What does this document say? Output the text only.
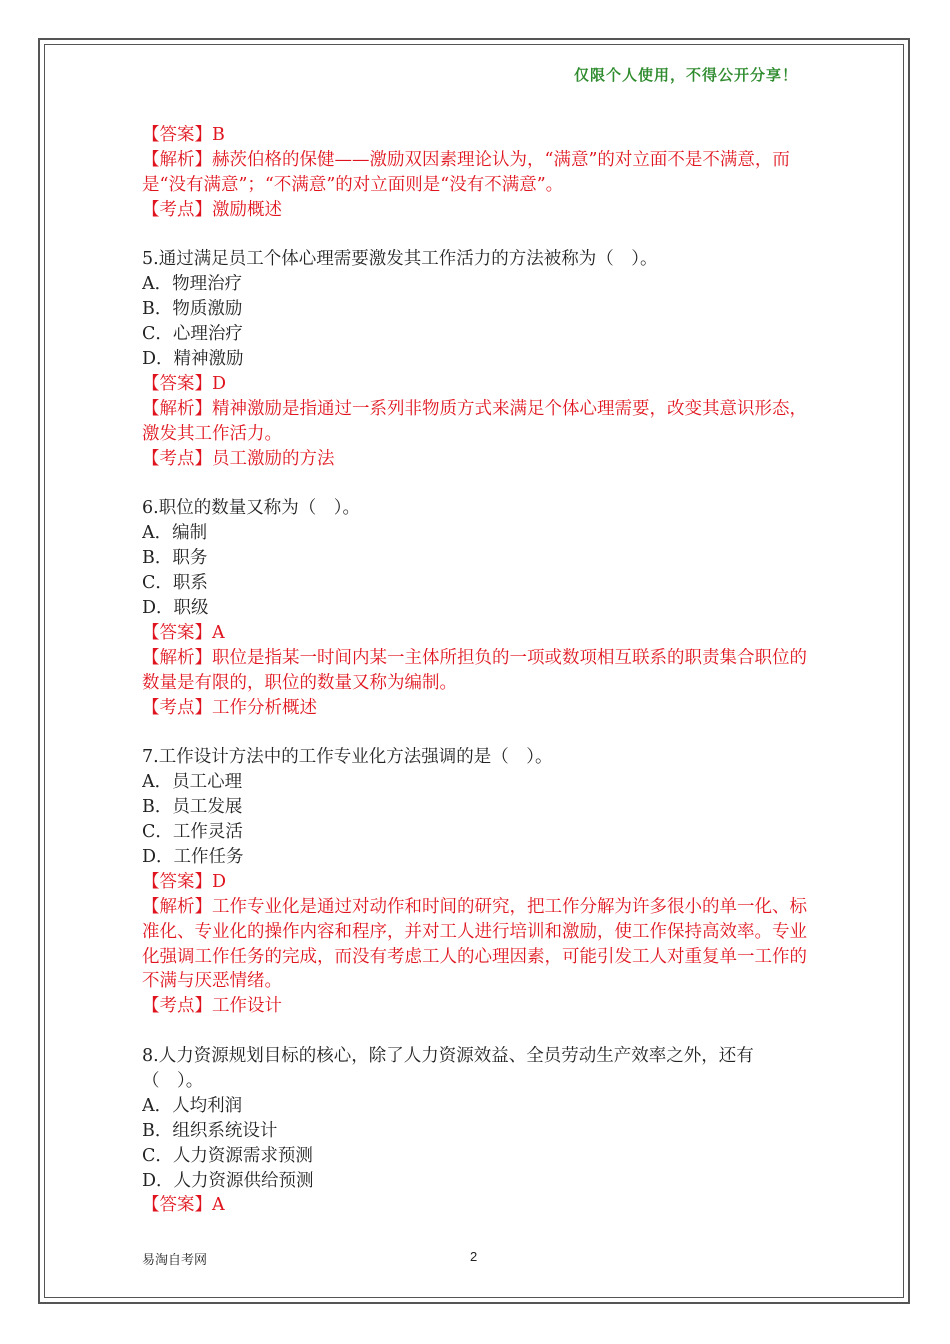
仅限个人使用，不得公开分享！
【答案】B
【解析】赫茨伯格的保健——激励双因素理论认为，“满意”的对立面不是不满意，而是“没有满意”；“不满意”的对立面则是“没有不满意”。
【考点】激励概述
5.通过满足员工个体心理需要激发其工作活力的方法被称为（　）。
A．物理治疗
B．物质激励
C．心理治疗
D．精神激励
【答案】D
【解析】精神激励是指通过一系列非物质方式来满足个体心理需要，改变其意识形态，激发其工作活力。
【考点】员工激励的方法
6.职位的数量又称为（　）。
A．编制
B．职务
C．职系
D．职级
【答案】A
【解析】职位是指某一时间内某一主体所担负的一项或数项相互联系的职责集合职位的数量是有限的，职位的数量又称为编制。
【考点】工作分析概述
7.工作设计方法中的工作专业化方法强调的是（　）。
A．员工心理
B．员工发展
C．工作灵活
D．工作任务
【答案】D
【解析】工作专业化是通过对动作和时间的研究，把工作分解为许多很小的单一化、标准化、专业化的操作内容和程序，并对工人进行培训和激励，使工作保持高效率。专业化强调工作任务的完成，而没有考虑工人的心理因素，可能引发工人对重复单一工作的不满与厌恶情绪。
【考点】工作设计
8.人力资源规划目标的核心，除了人力资源效益、全员劳动生产效率之外，还有（　）。
A．人均利润
B．组织系统设计
C．人力资源需求预测
D．人力资源供给预测
【答案】A
易淘自考网	2
